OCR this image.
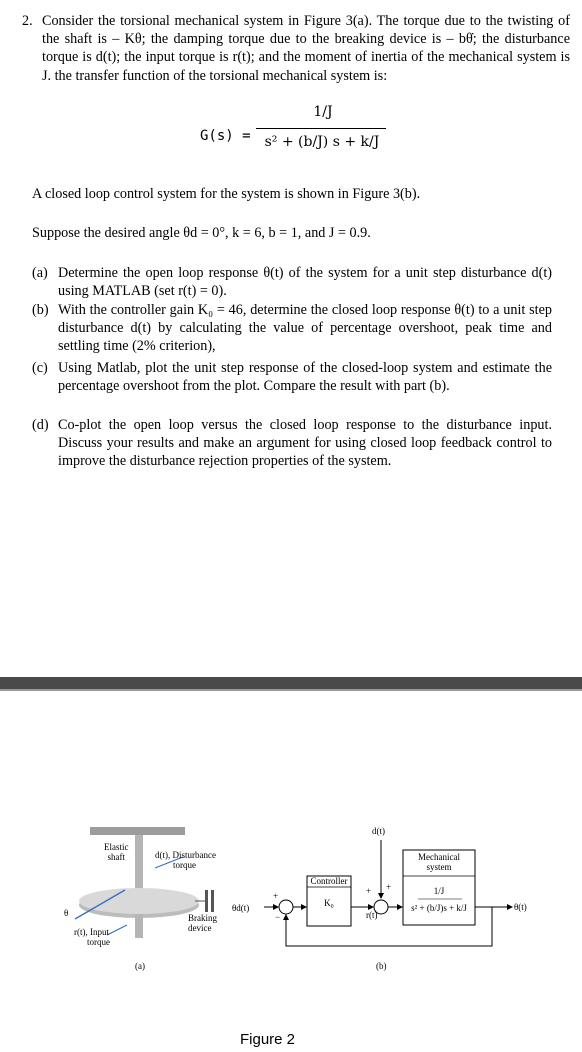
2. Consider the torsional mechanical system in Figure 3(a). The torque due to the twisting of the shaft is – Kθ; the damping torque due to the breaking device is – bθ̇; the disturbance torque is d(t); the input torque is r(t); and the moment of inertia of the mechanical system is J. the transfer function of the torsional mechanical system is:
G(s) =
1/J
s² + (b/J) s + k/J
A closed loop control system for the system is shown in Figure 3(b).
Suppose the desired angle θd = 0°, k = 6, b = 1, and J = 0.9.
(a) Determine the open loop response θ(t) of the system for a unit step disturbance d(t) using MATLAB (set r(t) = 0).
(b) With the controller gain K₀ = 46, determine the closed loop response θ(t) to a unit step disturbance d(t) by calculating the value of percentage overshoot, peak time and settling time (2% criterion),
(c) Using Matlab, plot the unit step response of the closed-loop system and estimate the percentage overshoot from the plot. Compare the result with part (b).
(d) Co-plot the open loop versus the closed loop response to the disturbance input. Discuss your results and make an argument for using closed loop feedback control to improve the disturbance rejection properties of the system.
Elastic
shaft	d(t), Disturbance
torque
θ
r(t), Input
torque
Braking
device
(a)
θd(t)
+
−
Controller
K₀
d(t)
+ +
r(t)
Mechanical
system
1/J
s² + (b/J)s + k/J	θ(t)
(b)
Figure 2
